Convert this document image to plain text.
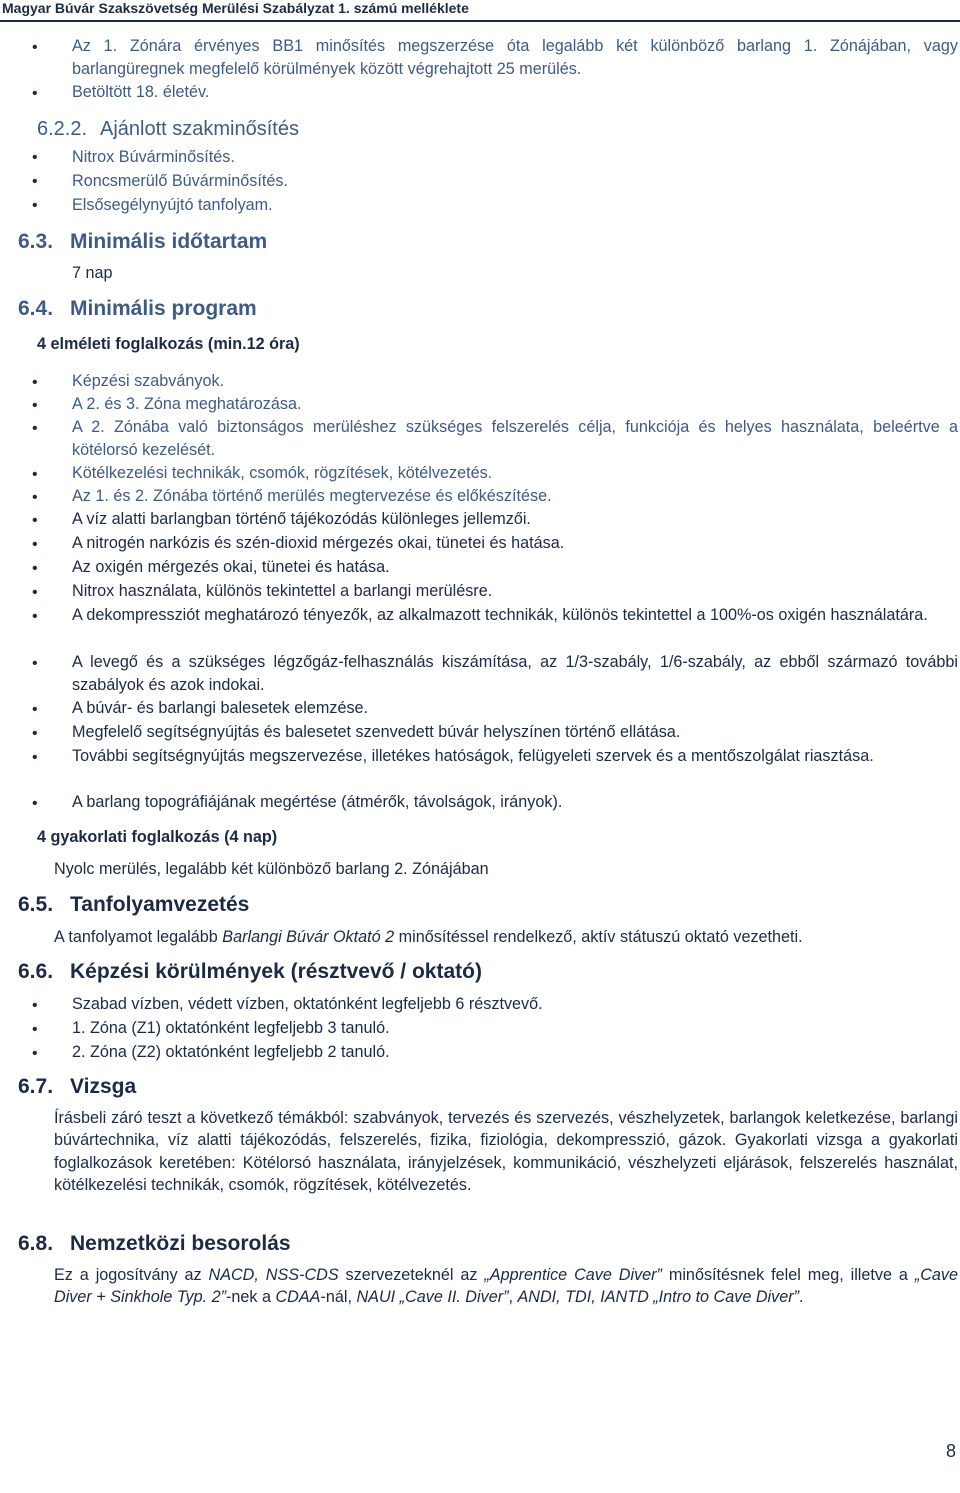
Magyar Búvár Szakszövetség Merülési Szabályzat 1. számú melléklete
• Az 1. Zónára érvényes BB1 minősítés megszerzése óta legalább két különböző barlang 1. Zónájában, vagy barlangüregnek megfelelő körülmények között végrehajtott 25 merülés.
• Betöltött 18. életév.
6.2.2. Ajánlott szakminősítés
• Nitrox Búvárminősítés.
• Roncsmerülő Búvárminősítés.
• Elsősegélynyújtó tanfolyam.
6.3. Minimális időtartam
7 nap
6.4. Minimális program
4 elméleti foglalkozás (min.12 óra)
• Képzési szabványok.
• A 2. és 3. Zóna meghatározása.
• A 2. Zónába való biztonságos merüléshez szükséges felszerelés célja, funkciója és helyes használata, beleértve a kötélorsó kezelését.
• Kötélkezelési technikák, csomók, rögzítések, kötélvezetés.
• Az 1. és 2. Zónába történő merülés megtervezése és előkészítése.
• A víz alatti barlangban történő tájékozódás különleges jellemzői.
• A nitrogén narkózis és szén-dioxid mérgezés okai, tünetei és hatása.
• Az oxigén mérgezés okai, tünetei és hatása.
• Nitrox használata, különös tekintettel a barlangi merülésre.
• A dekompressziót meghatározó tényezők, az alkalmazott technikák, különös tekintettel a 100%-os oxigén használatára.
• A levegő és a szükséges légzőgáz-felhasználás kiszámítása, az 1/3-szabály, 1/6-szabály, az ebből származó további szabályok és azok indokai.
• A búvár- és barlangi balesetek elemzése.
• Megfelelő segítségnyújtás és balesetet szenvedett búvár helyszínen történő ellátása.
• További segítségnyújtás megszervezése, illetékes hatóságok, felügyeleti szervek és a mentőszolgálat riasztása.
• A barlang topográfiájának megértése (átmérők, távolságok, irányok).
4 gyakorlati foglalkozás (4 nap)
Nyolc merülés, legalább két különböző barlang 2. Zónájában
6.5. Tanfolyamvezetés
A tanfolyamot legalább Barlangi Búvár Oktató 2 minősítéssel rendelkező, aktív státuszú oktató vezetheti.
6.6. Képzési körülmények (résztvevő / oktató)
• Szabad vízben, védett vízben, oktatónként legfeljebb 6 résztvevő.
• 1. Zóna (Z1) oktatónként legfeljebb 3 tanuló.
• 2. Zóna (Z2) oktatónként legfeljebb 2 tanuló.
6.7. Vizsga
Írásbeli záró teszt a következő témákból: szabványok, tervezés és szervezés, vészhelyzetek, barlangok keletkezése, barlangi búvártechnika, víz alatti tájékozódás, felszerelés, fizika, fiziológia, dekompresszió, gázok. Gyakorlati vizsga a gyakorlati foglalkozások keretében: Kötélorsó használata, irányjelzések, kommunikáció, vészhelyzeti eljárások, felszerelés használat, kötélkezelési technikák, csomók, rögzítések, kötélvezetés.
6.8. Nemzetközi besorolás
Ez a jogosítvány az NACD, NSS-CDS szervezeteknél az „Apprentice Cave Diver” minősítésnek felel meg, illetve a „Cave Diver + Sinkhole Typ. 2”-nek a CDAA-nál, NAUI „Cave II. Diver”, ANDI, TDI, IANTD „Intro to Cave Diver”.
8
